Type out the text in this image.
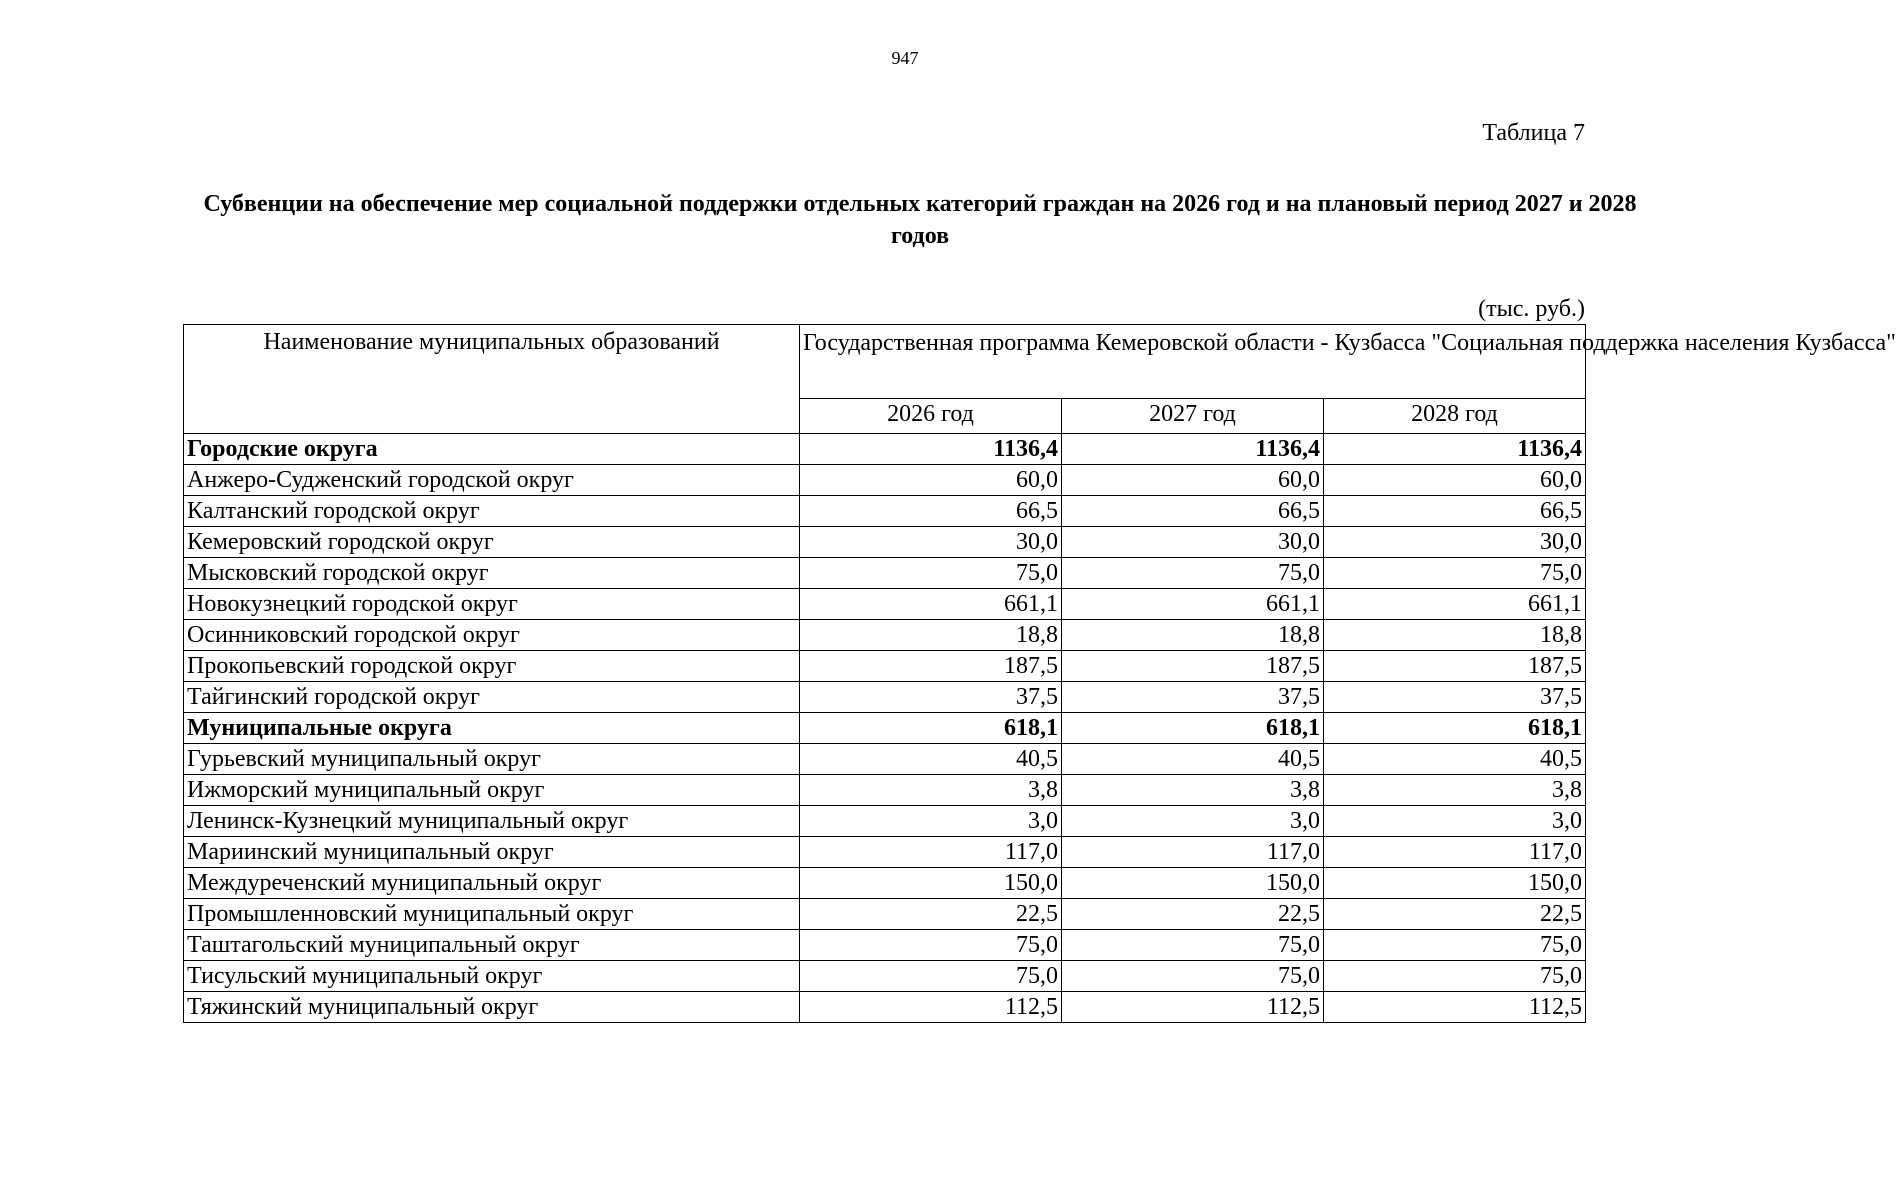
947
Таблица 7
Субвенции на обеспечение мер социальной поддержки отдельных категорий граждан на 2026 год и на плановый период 2027 и 2028 годов
(тыс. руб.)
Наименование муниципальных образований	Государственная программа Кемеровской области - Кузбасса "Социальная поддержка населения Кузбасса"		
	2026 год	2027 год	2028 год
Городские округа	1136,4	1136,4	1136,4
Анжеро-Судженский городской округ	60,0	60,0	60,0
Калтанский городской округ	66,5	66,5	66,5
Кемеровский городской округ	30,0	30,0	30,0
Мысковский городской округ	75,0	75,0	75,0
Новокузнецкий городской округ	661,1	661,1	661,1
Осинниковский городской округ	18,8	18,8	18,8
Прокопьевский городской округ	187,5	187,5	187,5
Тайгинский городской округ	37,5	37,5	37,5
Муниципальные округа	618,1	618,1	618,1
Гурьевский муниципальный округ	40,5	40,5	40,5
Ижморский муниципальный округ	3,8	3,8	3,8
Ленинск-Кузнецкий муниципальный округ	3,0	3,0	3,0
Мариинский муниципальный округ	117,0	117,0	117,0
Междуреченский муниципальный округ	150,0	150,0	150,0
Промышленновский муниципальный округ	22,5	22,5	22,5
Таштагольский муниципальный округ	75,0	75,0	75,0
Тисульский муниципальный округ	75,0	75,0	75,0
Тяжинский муниципальный округ	112,5	112,5	112,5
